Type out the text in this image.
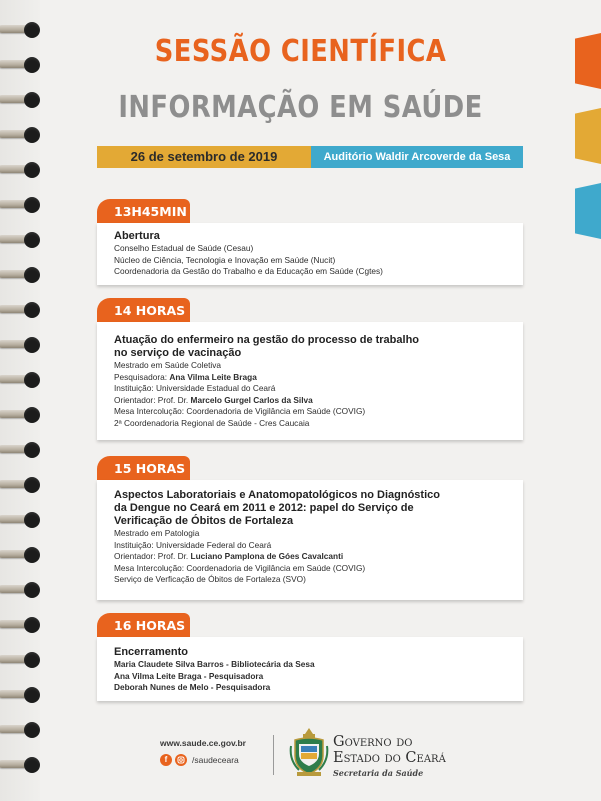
SESSÃO CIENTÍFICA
INFORMAÇÃO EM SAÚDE
26 de setembro de 2019	Auditório Waldir Arcoverde da Sesa
13H45MIN
Abertura
Conselho Estadual de Saúde (Cesau)
Núcleo de Ciência, Tecnologia e Inovação em Saúde (Nucit)
Coordenadoria da Gestão do Trabalho e da Educação em Saúde (Cgtes)
14 HORAS
Atuação do enfermeiro na gestão do processo de trabalho
no serviço de vacinação
Mestrado em Saúde Coletiva
Pesquisadora: Ana Vilma Leite Braga
Instituição: Universidade Estadual do Ceará
Orientador: Prof. Dr. Marcelo Gurgel Carlos da Silva
Mesa Intercolução: Coordenadoria de Vigilância em Saúde (COVIG)
2ª Coordenadoria Regional de Saúde - Cres Caucaia
15 HORAS
Aspectos Laboratoriais e Anatomopatológicos no Diagnóstico
da Dengue no Ceará em 2011 e 2012: papel do Serviço de
Verificação de Óbitos de Fortaleza
Mestrado em Patologia
Instituição: Universidade Federal do Ceará
Orientador: Prof. Dr. Luciano Pamplona de Góes Cavalcanti
Mesa Intercolução: Coordenadoria de Vigilância em Saúde (COVIG)
Serviço de Verficação de Óbitos de Fortaleza (SVO)
16 HORAS
Encerramento
Maria Claudete Silva Barros - Bibliotecária da Sesa
Ana Vilma Leite Braga - Pesquisadora
Deborah Nunes de Melo - Pesquisadora
www.saude.ce.gov.br
f	/saudeceara
Governo do
Estado do Ceará
Secretaria da Saúde
